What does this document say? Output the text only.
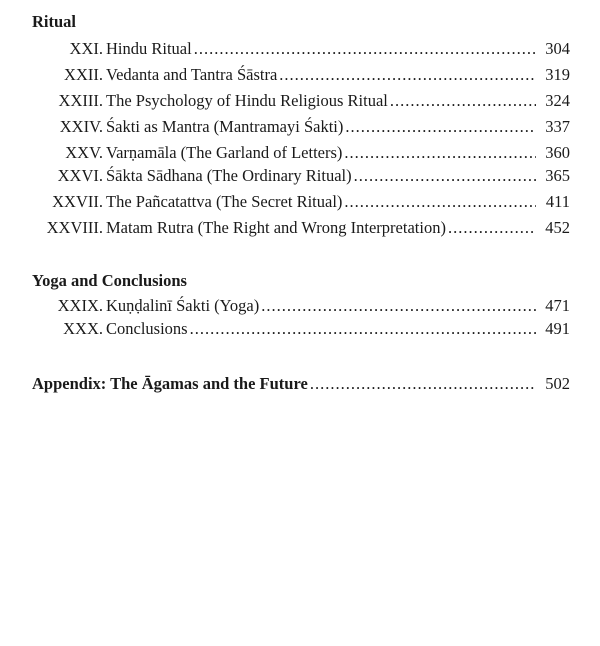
Ritual
XXI. Hindu Ritual .....	304
XXII. Vedanta and Tantra Śāstra .....	319
XXIII. The Psychology of Hindu Religious Ritual .....	324
XXIV. Śakti as Mantra (Mantramayi Śakti) .....	337
XXV. Varṇamāla (The Garland of Letters) .....	360
XXVI. Śākta Sādhana (The Ordinary Ritual) .....	365
XXVII. The Pañcatattva (The Secret Ritual) .....	411
XXVIII. Matam Rutra (The Right and Wrong Interpretation) .....	452
Yoga and Conclusions
XXIX. Kuṇḍalinī Śakti (Yoga) .....	471
XXX. Conclusions .....	491
Appendix: The Āgamas and the Future .....	502
